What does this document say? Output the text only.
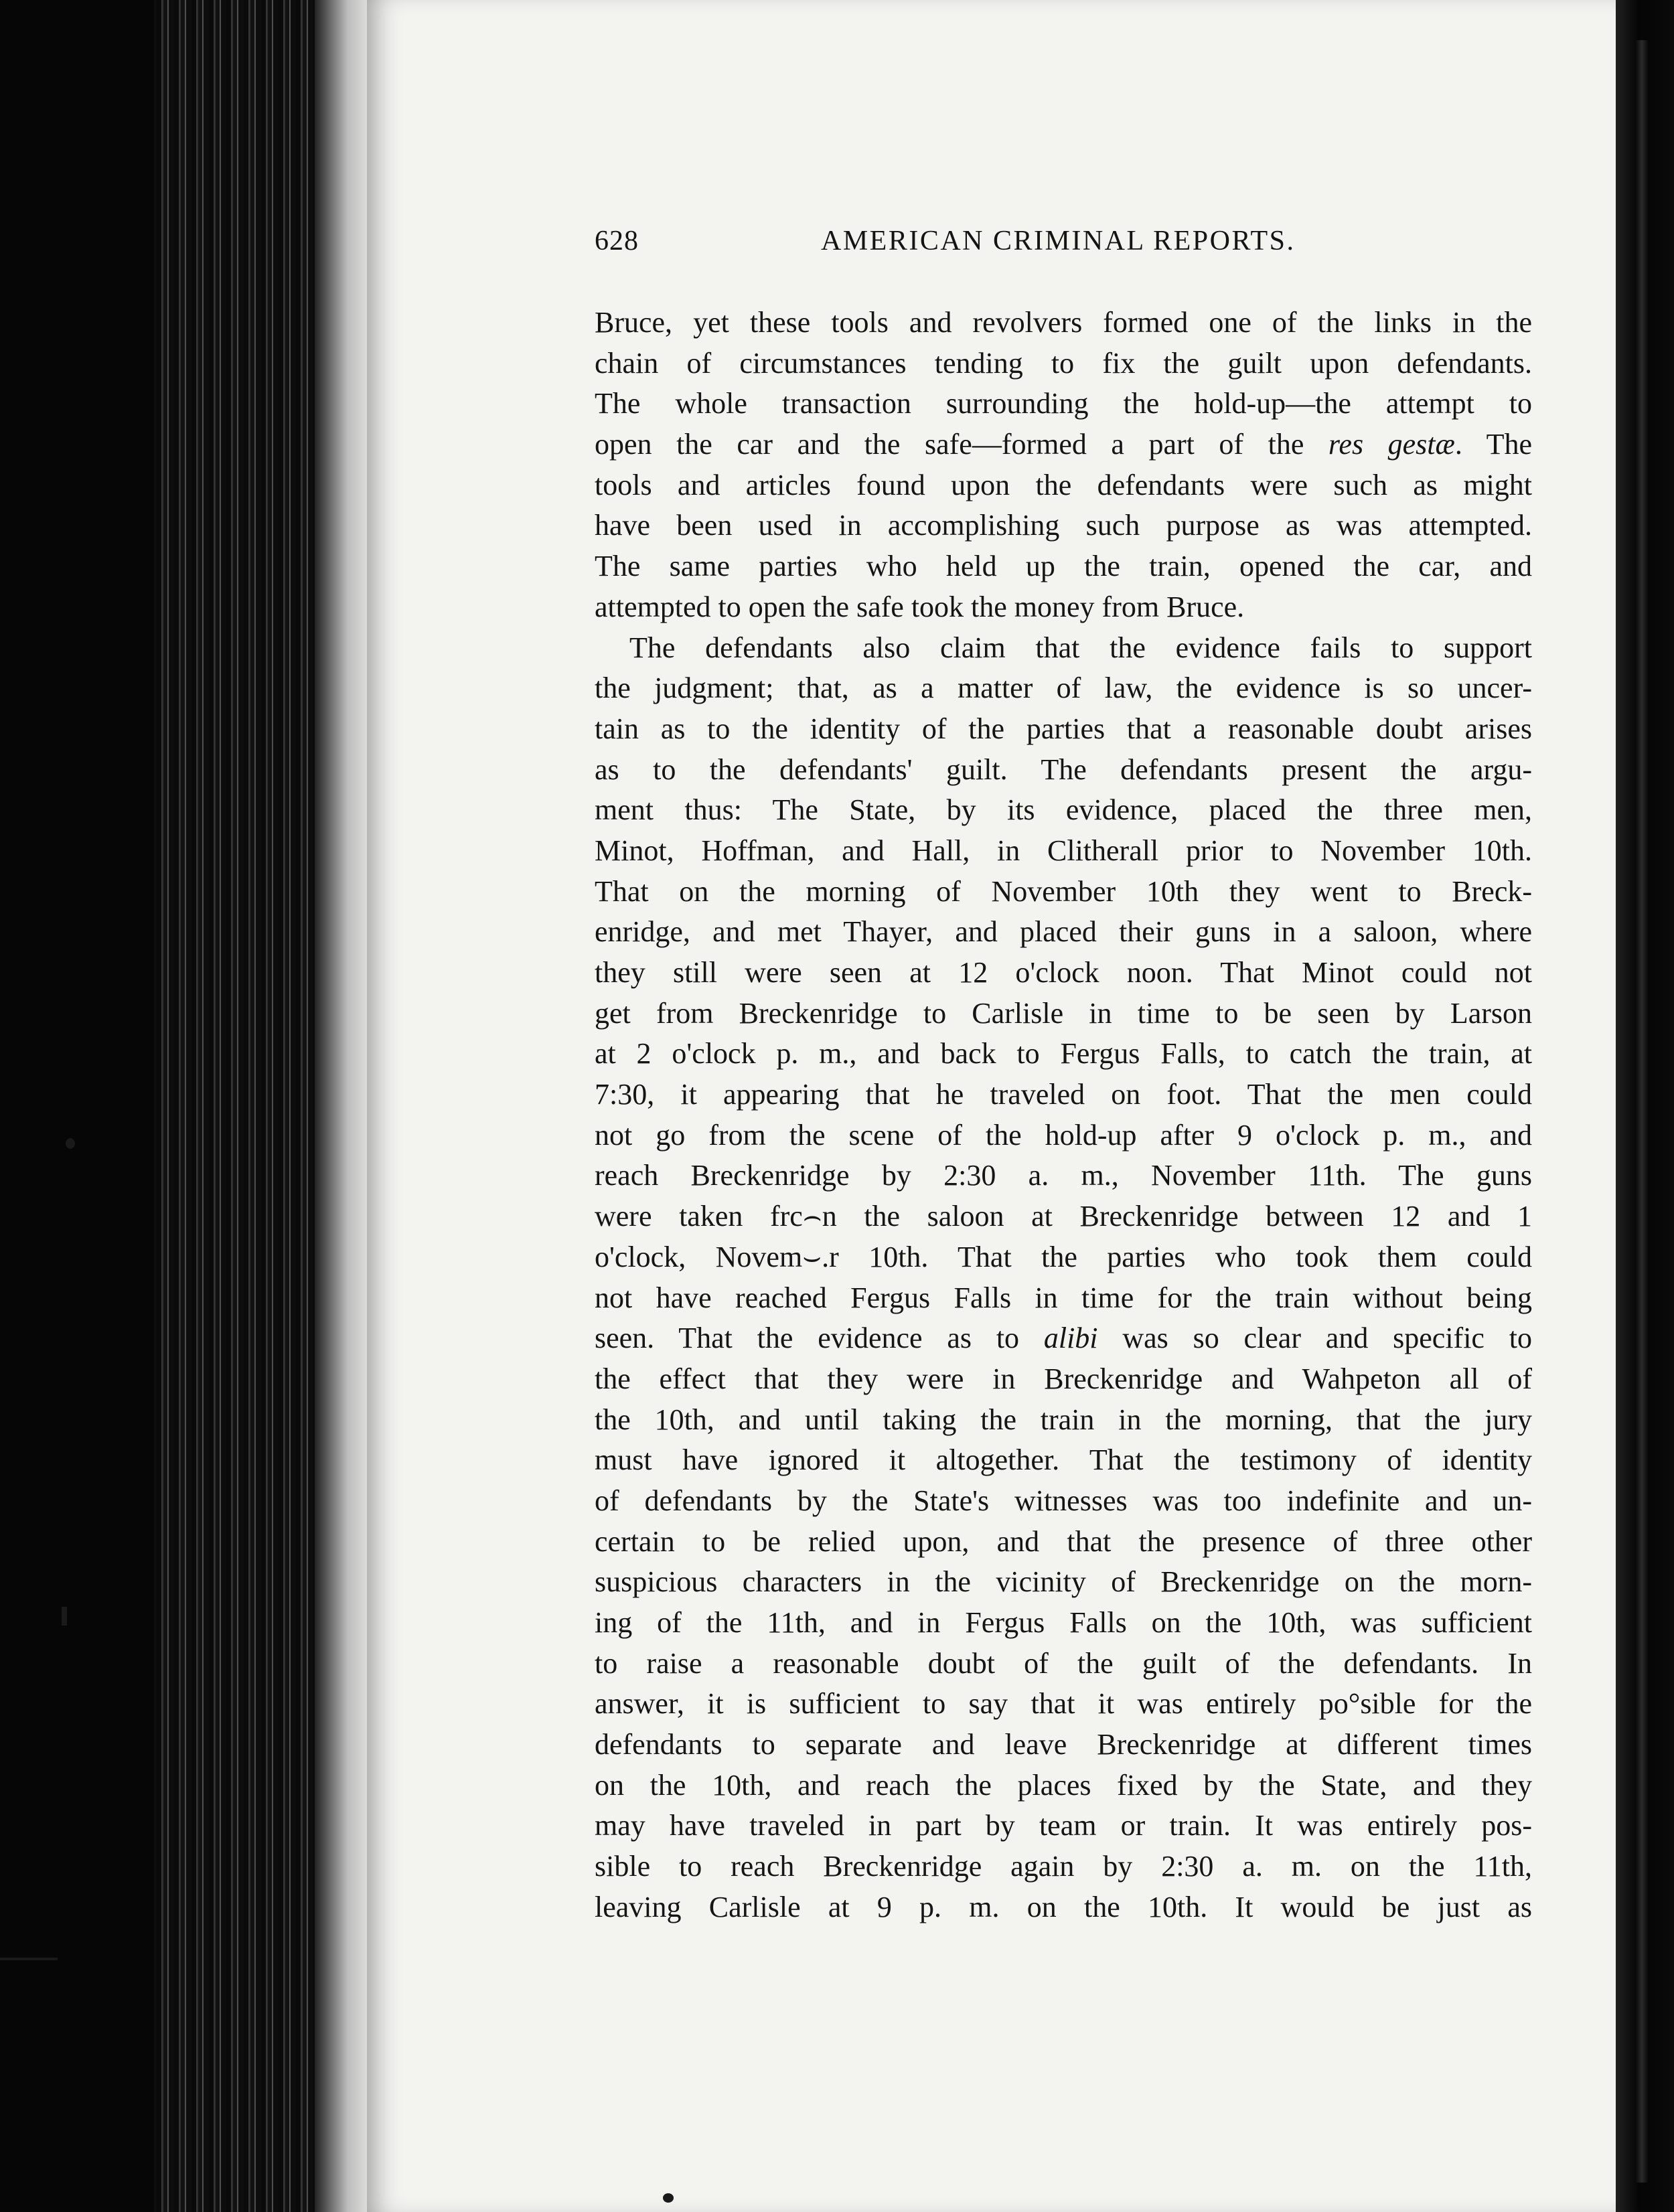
628	AMERICAN CRIMINAL REPORTS.
Bruce, yet these tools and revolvers formed one of the links in the
chain of circumstances tending to fix the guilt upon defendants.
The whole transaction surrounding the hold-up—the attempt to
open the car and the safe—formed a part of the res gestæ. The
tools and articles found upon the defendants were such as might
have been used in accomplishing such purpose as was attempted.
The same parties who held up the train, opened the car, and
attempted to open the safe took the money from Bruce.
The defendants also claim that the evidence fails to support
the judgment; that, as a matter of law, the evidence is so uncer-
tain as to the identity of the parties that a reasonable doubt arises
as to the defendants' guilt. The defendants present the argu-
ment thus: The State, by its evidence, placed the three men,
Minot, Hoffman, and Hall, in Clitherall prior to November 10th.
That on the morning of November 10th they went to Breck-
enridge, and met Thayer, and placed their guns in a saloon, where
they still were seen at 12 o'clock noon. That Minot could not
get from Breckenridge to Carlisle in time to be seen by Larson
at 2 o'clock p. m., and back to Fergus Falls, to catch the train, at
7:30, it appearing that he traveled on foot. That the men could
not go from the scene of the hold-up after 9 o'clock p. m., and
reach Breckenridge by 2:30 a. m., November 11th. The guns
were taken frc⌢n the saloon at Breckenridge between 12 and 1
o'clock, Novem⌣.r 10th. That the parties who took them could
not have reached Fergus Falls in time for the train without being
seen. That the evidence as to alibi was so clear and specific to
the effect that they were in Breckenridge and Wahpeton all of
the 10th, and until taking the train in the morning, that the jury
must have ignored it altogether. That the testimony of identity
of defendants by the State's witnesses was too indefinite and un-
certain to be relied upon, and that the presence of three other
suspicious characters in the vicinity of Breckenridge on the morn-
ing of the 11th, and in Fergus Falls on the 10th, was sufficient
to raise a reasonable doubt of the guilt of the defendants. In
answer, it is sufficient to say that it was entirely po°sible for the
defendants to separate and leave Breckenridge at different times
on the 10th, and reach the places fixed by the State, and they
may have traveled in part by team or train. It was entirely pos-
sible to reach Breckenridge again by 2:30 a. m. on the 11th,
leaving Carlisle at 9 p. m. on the 10th. It would be just as
